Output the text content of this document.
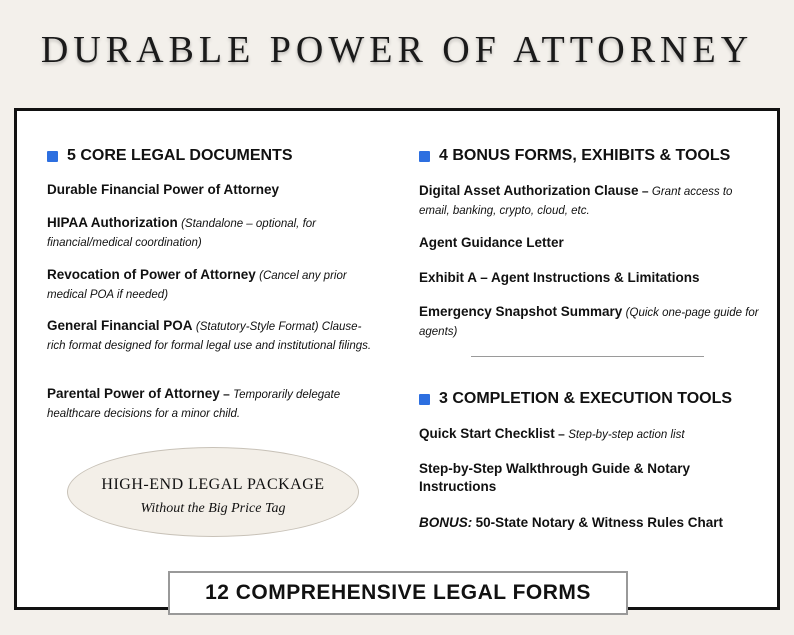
DURABLE POWER OF ATTORNEY
5 CORE LEGAL DOCUMENTS
Durable Financial Power of Attorney
HIPAA Authorization (Standalone – optional, for financial/medical coordination)
Revocation of Power of Attorney (Cancel any prior medical POA if needed)
General Financial POA (Statutory-Style Format) Clause-rich format designed for formal legal use and institutional filings.
Parental Power of Attorney – Temporarily delegate healthcare decisions for a minor child.
HIGH-END LEGAL PACKAGE
Without the Big Price Tag
4 BONUS FORMS, EXHIBITS & TOOLS
Digital Asset Authorization Clause – Grant access to email, banking, crypto, cloud, etc.
Agent Guidance Letter
Exhibit A – Agent Instructions & Limitations
Emergency Snapshot Summary (Quick one-page guide for agents)
3 COMPLETION & EXECUTION TOOLS
Quick Start Checklist – Step-by-step action list
Step-by-Step Walkthrough Guide & Notary Instructions
BONUS: 50-State Notary & Witness Rules Chart
12 COMPREHENSIVE LEGAL FORMS
